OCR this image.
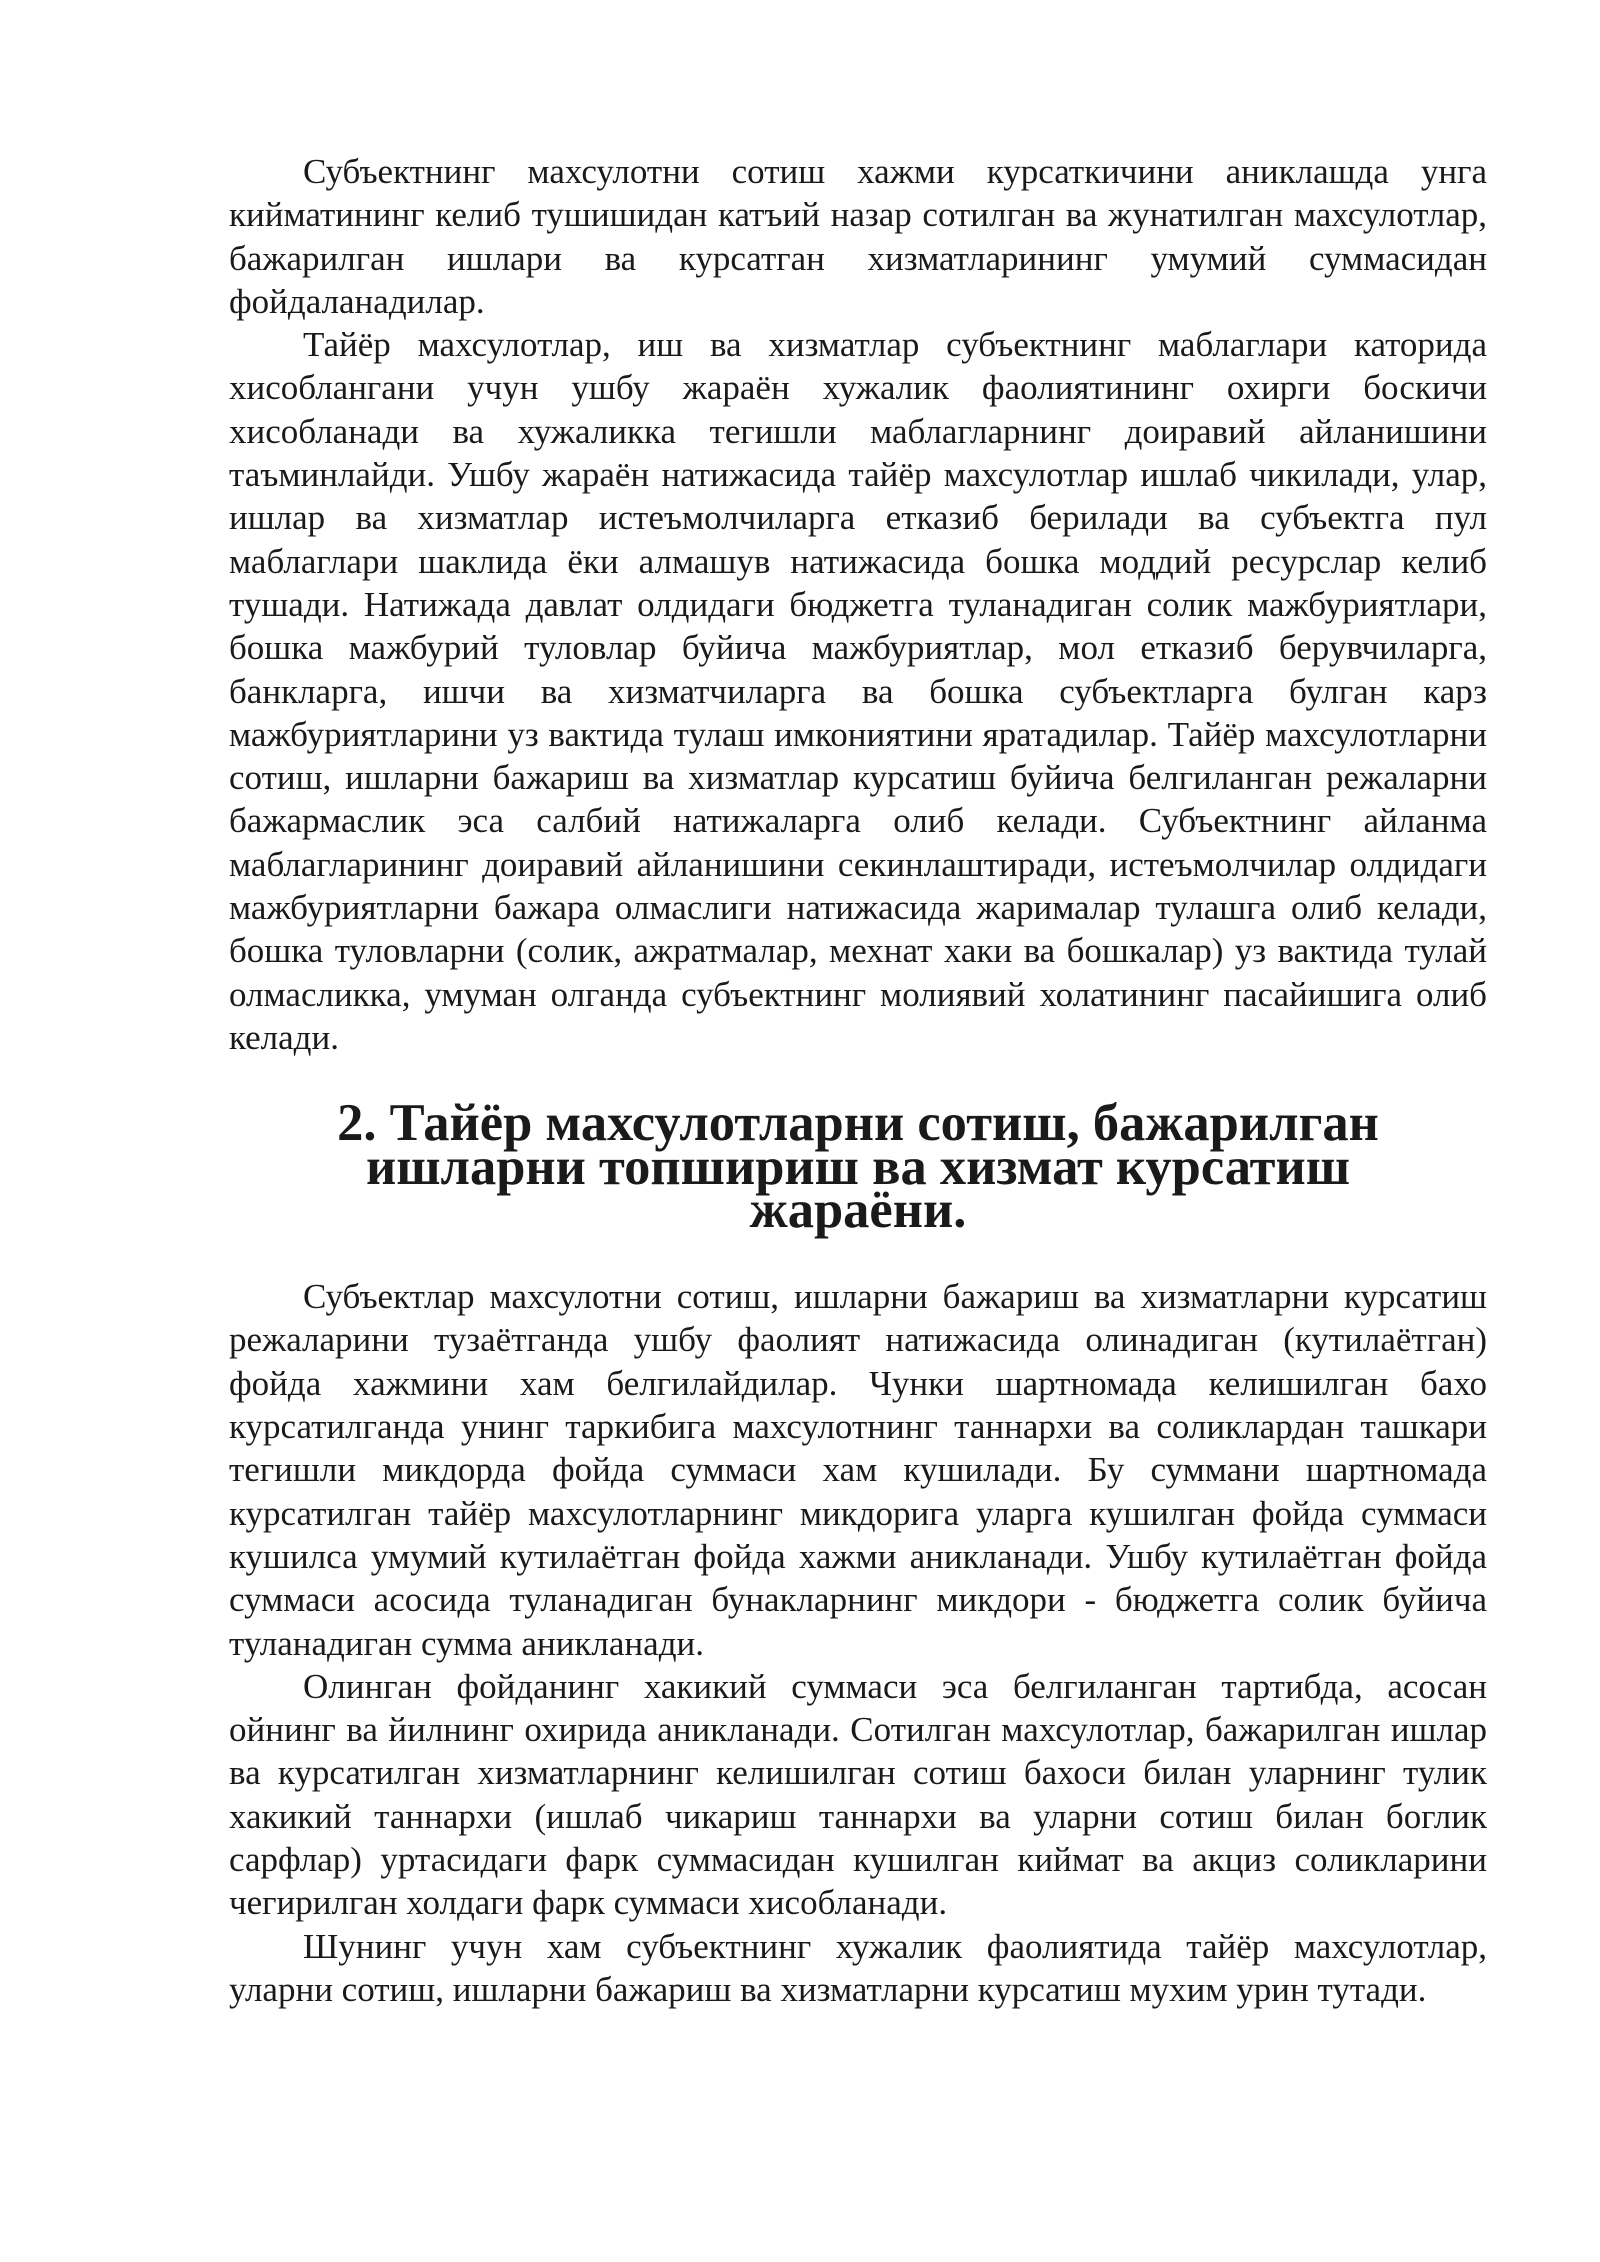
Субъектнинг махсулотни сотиш хажми курсаткичини аниклашда унга кийматининг келиб тушишидан катъий назар сотилган ва жунатилган махсулотлар, бажарилган ишлари ва курсатган хизматларининг умумий суммасидан фойдаланадилар.

Тайёр махсулотлар, иш ва хизматлар субъектнинг маблаглари каторида хисоблангани учун ушбу жараён хужалик фаолиятининг охирги боскичи хисобланади ва хужаликка тегишли маблагларнинг доиравий айланишини таъминлайди. Ушбу жараён натижасида тайёр махсулотлар ишлаб чикилади, улар, ишлар ва хизматлар истеъмолчиларга етказиб берилади ва субъектга пул маблаглари шаклида ёки алмашув натижасида бошка моддий ресурслар келиб тушади. Натижада давлат олдидаги бюджетга туланадиган солик мажбуриятлари, бошка мажбурий туловлар буйича мажбуриятлар, мол етказиб берувчиларга, банкларга, ишчи ва хизматчиларга ва бошка субъектларга булган карз мажбуриятларини уз вактида тулаш имкониятини яратадилар. Тайёр махсулотларни сотиш, ишларни бажариш ва хизматлар курсатиш буйича белгиланган режаларни бажармаслик эса салбий натижаларга олиб келади. Субъектнинг айланма маблагларининг доиравий айланишини секинлаштиради, истеъмолчилар олдидаги мажбуриятларни бажара олмаслиги натижасида жарималар тулашга олиб келади, бошка туловларни (солик, ажратмалар, мехнат хаки ва бошкалар) уз вактида тулай олмасликка, умуман олганда субъектнинг молиявий холатининг пасайишига олиб келади.

2. Тайёр махсулотларни сотиш, бажарилган ишларни топшириш ва хизмат курсатиш жараёни.

Субъектлар махсулотни сотиш, ишларни бажариш ва хизматларни курсатиш режаларини тузаётганда ушбу фаолият натижасида олинадиган (кутилаётган) фойда хажмини хам белгилайдилар. Чунки шартномада келишилган бахо курсатилганда унинг таркибига махсулотнинг таннархи ва соликлардан ташкари тегишли микдорда фойда суммаси хам кушилади. Бу суммани шартномада курсатилган тайёр махсулотларнинг микдорига уларга кушилган фойда суммаси кушилса умумий кутилаётган фойда хажми аникланади. Ушбу кутилаётган фойда суммаси асосида туланадиган бунакларнинг микдори - бюджетга солик буйича туланадиган сумма аникланади.

Олинган фойданинг хакикий суммаси эса белгиланган тартибда, асосан ойнинг ва йилнинг охирида аникланади. Сотилган махсулотлар, бажарилган ишлар ва курсатилган хизматларнинг келишилган сотиш бахоси билан уларнинг тулик хакикий таннархи (ишлаб чикариш таннархи ва уларни сотиш билан боглик сарфлар) уртасидаги фарк суммасидан кушилган киймат ва акциз соликларини чегирилган холдаги фарк суммаси хисобланади.

Шунинг учун хам субъектнинг хужалик фаолиятида тайёр махсулотлар, уларни сотиш, ишларни бажариш ва хизматларни курсатиш мухим урин тутади.
